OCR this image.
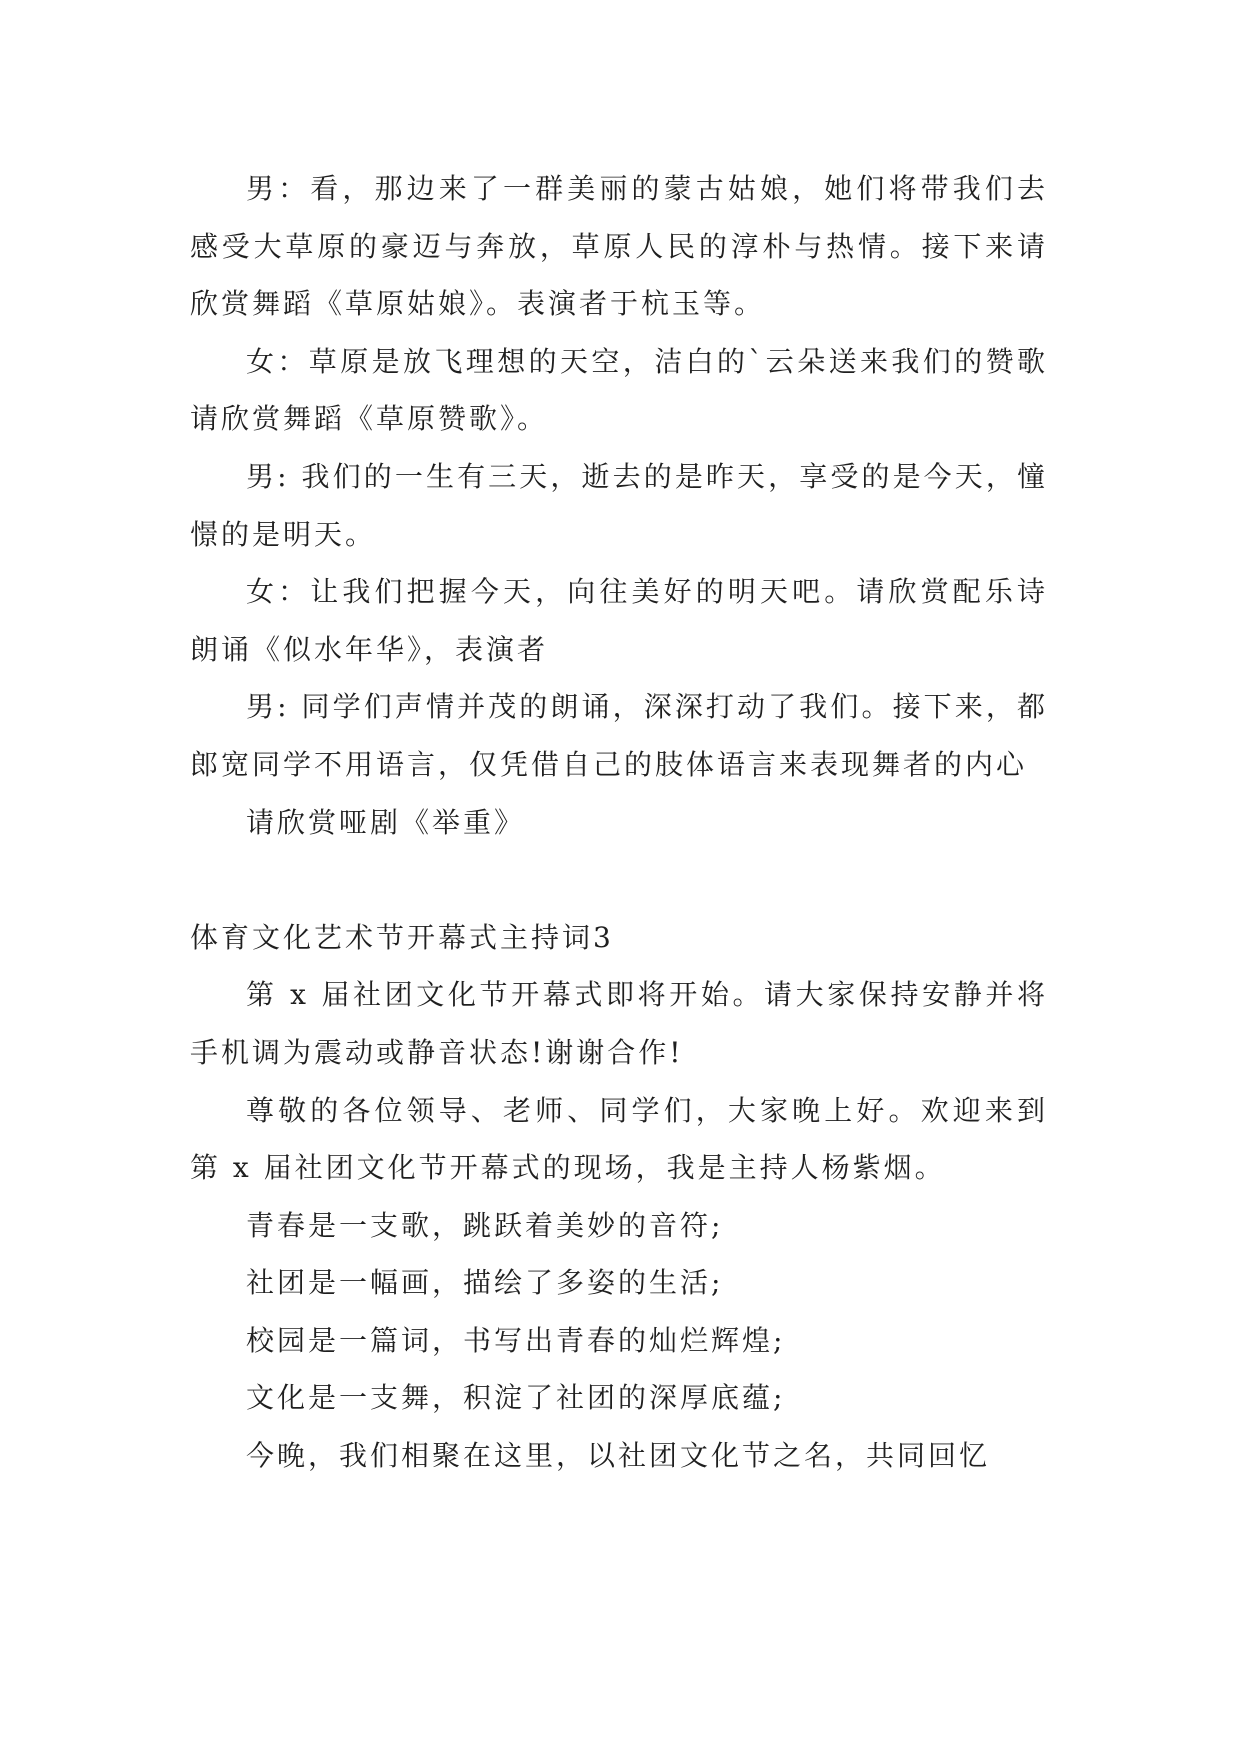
男：看，那边来了一群美丽的蒙古姑娘，她们将带我们去感受大草原的豪迈与奔放，草原人民的淳朴与热情。接下来请欣赏舞蹈《草原姑娘》。表演者于杭玉等。

女：草原是放飞理想的天空，洁白的`云朵送来我们的赞歌请欣赏舞蹈《草原赞歌》。

男: 我们的一生有三天，逝去的是昨天，享受的是今天，憧憬的是明天。

女：让我们把握今天，向往美好的明天吧。请欣赏配乐诗朗诵《似水年华》，表演者

男: 同学们声情并茂的朗诵，深深打动了我们。接下来，都郎宽同学不用语言，仅凭借自己的肢体语言来表现舞者的内心

请欣赏哑剧《举重》

体育文化艺术节开幕式主持词3

第 x 届社团文化节开幕式即将开始。请大家保持安静并将手机调为震动或静音状态!谢谢合作!

尊敬的各位领导、老师、同学们，大家晚上好。欢迎来到第 x 届社团文化节开幕式的现场，我是主持人杨紫烟。

青春是一支歌，跳跃着美妙的音符;

社团是一幅画，描绘了多姿的生活;

校园是一篇词，书写出青春的灿烂辉煌;

文化是一支舞，积淀了社团的深厚底蕴;

今晚，我们相聚在这里，以社团文化节之名，共同回忆
